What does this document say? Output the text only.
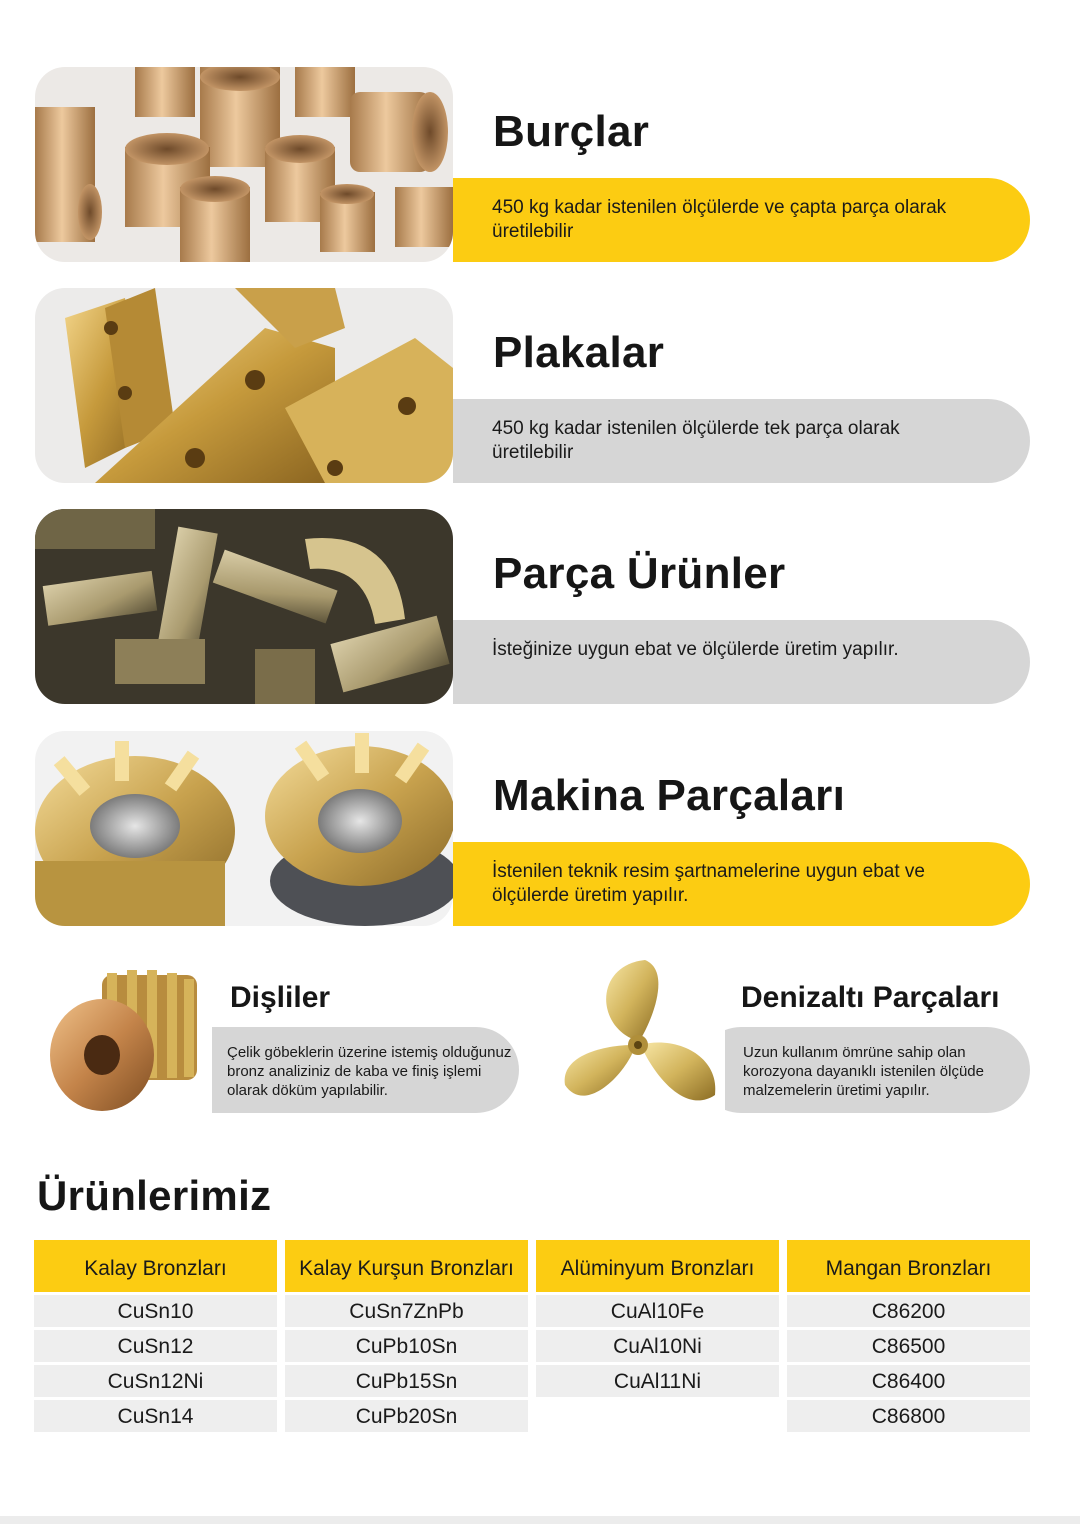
450 kg kadar istenilen ölçülerde ve çapta parça olarak üretilebilir
Burçlar
450 kg kadar istenilen ölçülerde tek parça olarak üretilebilir
Plakalar
İsteğinize uygun ebat ve ölçülerde üretim yapılır.
Parça Ürünler
İstenilen teknik resim şartnamelerine uygun ebat ve ölçülerde üretim yapılır.
Makina Parçaları
Çelik göbeklerin üzerine istemiş olduğunuz bronz analiziniz de kaba ve finiş işlemi olarak döküm yapılabilir.
Dişliler
Uzun kullanım ömrüne sahip olan korozyona dayanıklı istenilen ölçüde malzemelerin üretimi yapılır.
Denizaltı Parçaları
Ürünlerimiz
Kalay Bronzları
CuSn10
CuSn12
CuSn12Ni
CuSn14
Kalay Kurşun Bronzları
CuSn7ZnPb
CuPb10Sn
CuPb15Sn
CuPb20Sn
Alüminyum Bronzları
CuAl10Fe
CuAl10Ni
CuAl11Ni
Mangan Bronzları
C86200
C86500
C86400
C86800
